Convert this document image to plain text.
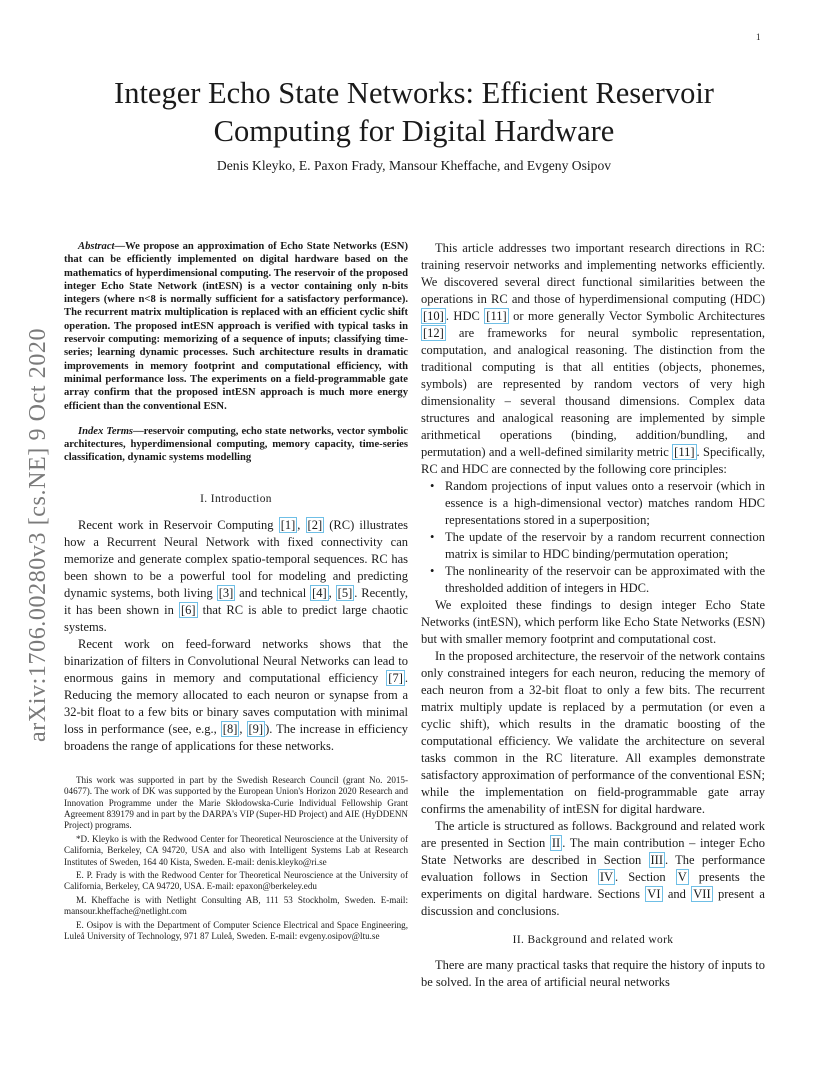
1
arXiv:1706.00280v3 [cs.NE] 9 Oct 2020
Integer Echo State Networks: Efficient Reservoir Computing for Digital Hardware
Denis Kleyko, E. Paxon Frady, Mansour Kheffache, and Evgeny Osipov

Abstract—We propose an approximation of Echo State Networks (ESN) that can be efficiently implemented on digital hardware based on the mathematics of hyperdimensional computing. The reservoir of the proposed integer Echo State Network (intESN) is a vector containing only n-bits integers (where n<8 is normally sufficient for a satisfactory performance). The recurrent matrix multiplication is replaced with an efficient cyclic shift operation. The proposed intESN approach is verified with typical tasks in reservoir computing: memorizing of a sequence of inputs; classifying time-series; learning dynamic processes. Such architecture results in dramatic improvements in memory footprint and computational efficiency, with minimal performance loss. The experiments on a field-programmable gate array confirm that the proposed intESN approach is much more energy efficient than the conventional ESN.

Index Terms—reservoir computing, echo state networks, vector symbolic architectures, hyperdimensional computing, memory capacity, time-series classification, dynamic systems modelling

I. Introduction

Recent work in Reservoir Computing [1] , [2] (RC) illustrates how a Recurrent Neural Network with fixed connectivity can memorize and generate complex spatio-temporal sequences. RC has been shown to be a powerful tool for modeling and predicting dynamic systems, both living [3] and technical [4] , [5] . Recently, it has been shown in [6] that RC is able to predict large chaotic systems.

Recent work on feed-forward networks shows that the binarization of filters in Convolutional Neural Networks can lead to enormous gains in memory and computational efficiency [7] . Reducing the memory allocated to each neuron or synapse from a 32-bit float to a few bits or binary saves computation with minimal loss in performance (see, e.g., [8] , [9] ). The increase in efficiency broadens the range of applications for these networks.

This work was supported in part by the Swedish Research Council (grant No. 2015-04677). The work of DK was supported by the European Union's Horizon 2020 Research and Innovation Programme under the Marie Skłodowska-Curie Individual Fellowship Grant Agreement 839179 and in part by the DARPA's VIP (Super-HD Project) and AIE (HyDDENN Project) programs.

*D. Kleyko is with the Redwood Center for Theoretical Neuroscience at the University of California, Berkeley, CA 94720, USA and also with Intelligent Systems Lab at Research Institutes of Sweden, 164 40 Kista, Sweden. E-mail: denis.kleyko@ri.se

E. P. Frady is with the Redwood Center for Theoretical Neuroscience at the University of California, Berkeley, CA 94720, USA. E-mail: epaxon@berkeley.edu

M. Kheffache is with Netlight Consulting AB, 111 53 Stockholm, Sweden. E-mail: mansour.kheffache@netlight.com

E. Osipov is with the Department of Computer Science Electrical and Space Engineering, Luleå University of Technology, 971 87 Luleå, Sweden. E-mail: evgeny.osipov@ltu.se

This article addresses two important research directions in RC: training reservoir networks and implementing networks efficiently. We discovered several direct functional similarities between the operations in RC and those of hyperdimensional computing (HDC) [10] . HDC [11] or more generally Vector Symbolic Architectures [12] are frameworks for neural symbolic representation, computation, and analogical reasoning. The distinction from the traditional computing is that all entities (objects, phonemes, symbols) are represented by random vectors of very high dimensionality – several thousand dimensions. Complex data structures and analogical reasoning are implemented by simple arithmetical operations (binding, addition/bundling, and permutation) and a well-defined similarity metric [11] . Specifically, RC and HDC are connected by the following core principles:

• Random projections of input values onto a reservoir (which in essence is a high-dimensional vector) matches random HDC representations stored in a superposition;
• The update of the reservoir by a random recurrent connection matrix is similar to HDC binding/permutation operation;
• The nonlinearity of the reservoir can be approximated with the thresholded addition of integers in HDC.

We exploited these findings to design integer Echo State Networks (intESN), which perform like Echo State Networks (ESN) but with smaller memory footprint and computational cost.

In the proposed architecture, the reservoir of the network contains only constrained integers for each neuron, reducing the memory of each neuron from a 32-bit float to only a few bits. The recurrent matrix multiply update is replaced by a permutation (or even a cyclic shift), which results in the dramatic boosting of the computational efficiency. We validate the architecture on several tasks common in the RC literature. All examples demonstrate satisfactory approximation of performance of the conventional ESN; while the implementation on field-programmable gate array confirms the amenability of intESN for digital hardware.

The article is structured as follows. Background and related work are presented in Section II . The main contribution – integer Echo State Networks are described in Section III . The performance evaluation follows in Section IV . Section V presents the experiments on digital hardware. Sections VI and VII present a discussion and conclusions.

II. Background and related work

There are many practical tasks that require the history of inputs to be solved. In the area of artificial neural networks
